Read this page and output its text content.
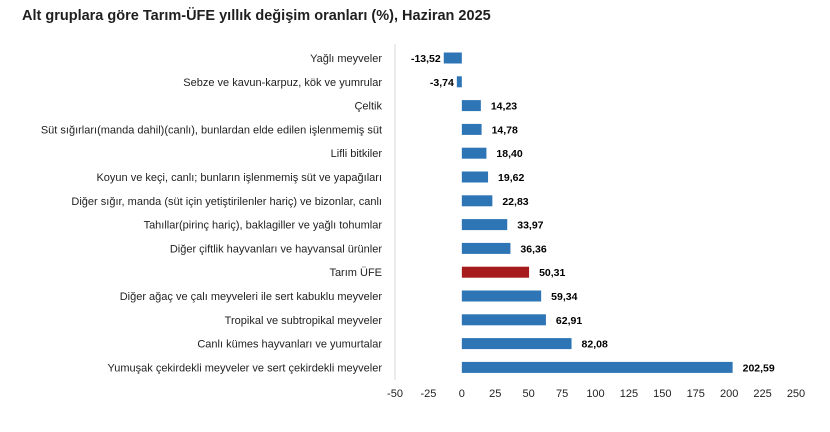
Alt gruplara göre Tarım-ÜFE yıllık değişim oranları (%), Haziran 2025
Yağlı meyveler	-13,52
Sebze ve kavun-karpuz, kök ve yumrular	-3,74
Çeltik	14,23
Süt sığırları(manda dahil)(canlı), bunlardan elde edilen işlenmemiş süt	14,78
Lifli bitkiler	18,40
Koyun ve keçi, canlı; bunların işlenmemiş süt ve yapağıları	19,62
Diğer sığır, manda (süt için yetiştirilenler hariç) ve bizonlar, canlı	22,83
Tahıllar(pirinç hariç), baklagiller ve yağlı tohumlar	33,97
Diğer çiftlik hayvanları ve hayvansal ürünler	36,36
Tarım ÜFE	50,31
Diğer ağaç ve çalı meyveleri ile sert kabuklu meyveler	59,34
Tropikal ve subtropikal meyveler	62,91
Canlı kümes hayvanları ve yumurtalar	82,08
Yumuşak çekirdekli meyveler ve sert çekirdekli meyveler	202,59
-50 -25 0 25 50 75 100 125 150 175 200 225 250
